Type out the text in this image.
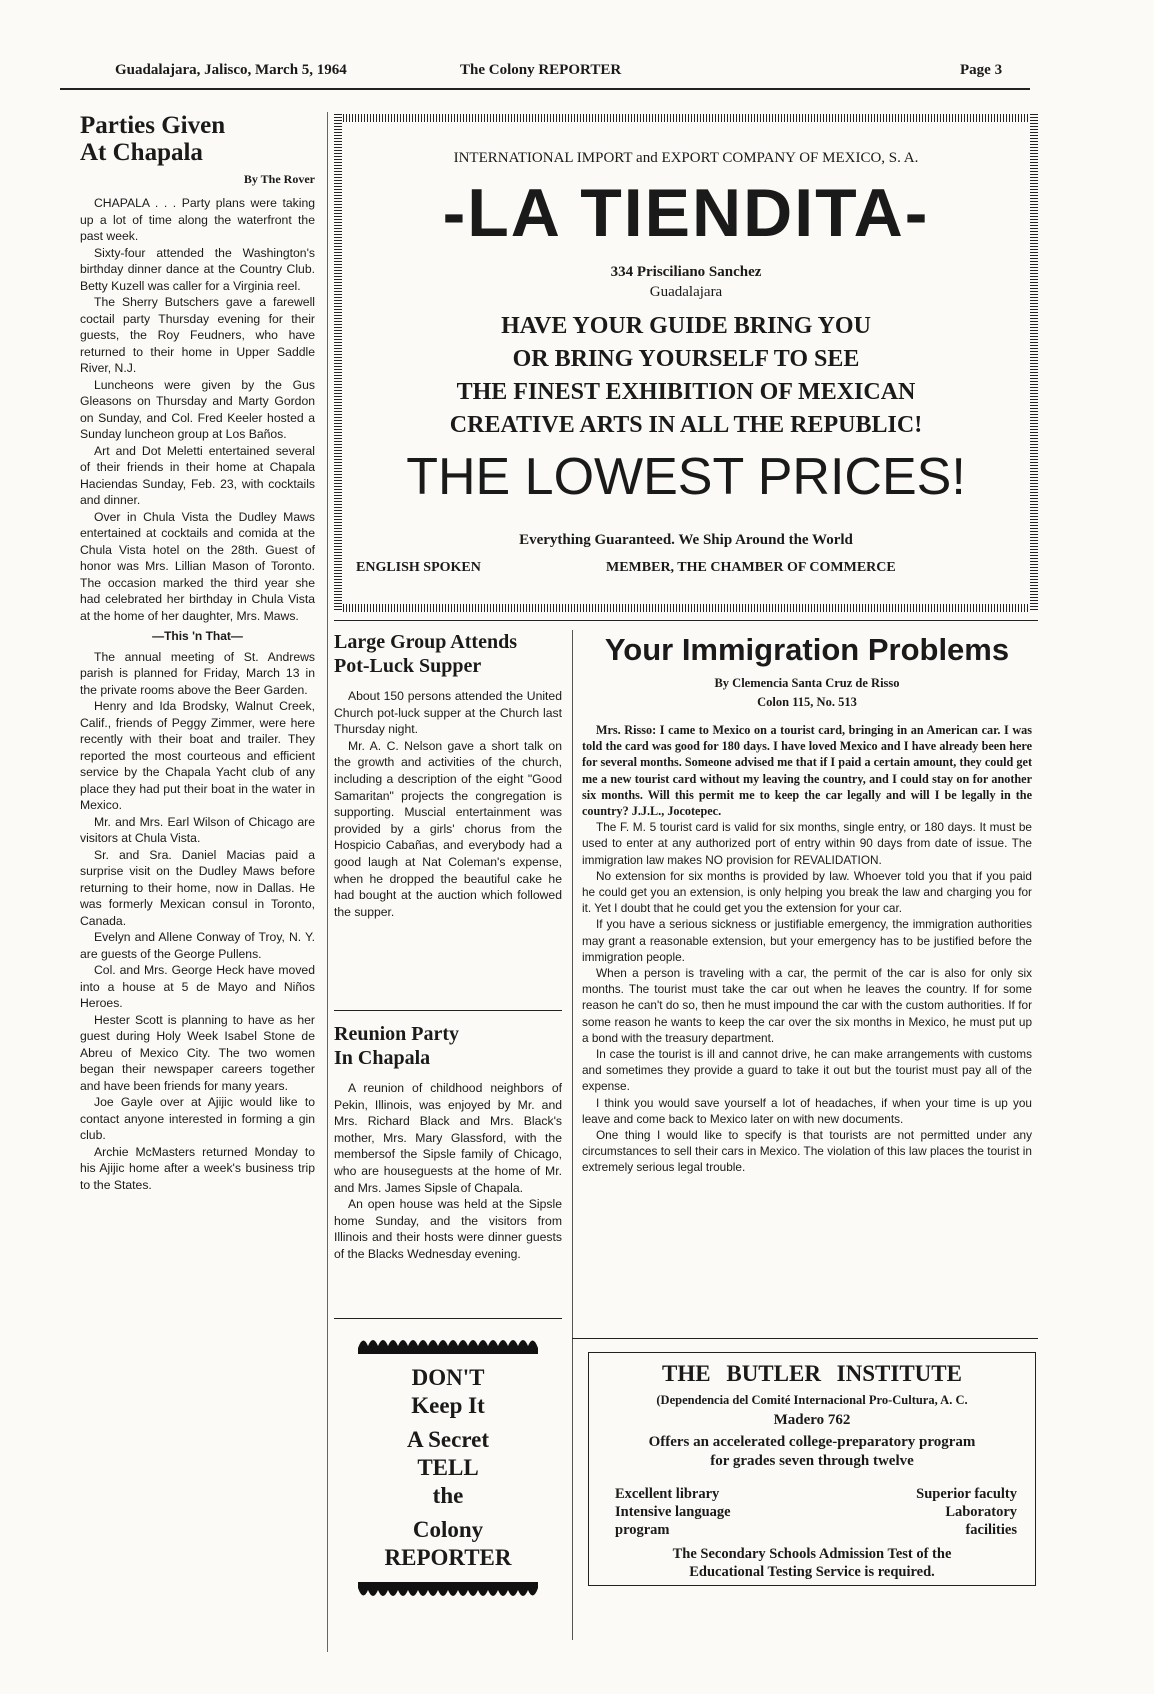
Guadalajara, Jalisco, March 5, 1964	The Colony REPORTER	Page 3
Parties Given
At Chapala
By The Rover

CHAPALA . . . Party plans were taking up a lot of time along the waterfront the past week.

Sixty-four attended the Washington's birthday dinner dance at the Country Club. Betty Kuzell was caller for a Virginia reel.

The Sherry Butschers gave a farewell coctail party Thursday evening for their guests, the Roy Feudners, who have returned to their home in Upper Saddle River, N.J.

Luncheons were given by the Gus Gleasons on Thursday and Marty Gordon on Sunday, and Col. Fred Keeler hosted a Sunday luncheon group at Los Baños.

Art and Dot Meletti entertained several of their friends in their home at Chapala Haciendas Sunday, Feb. 23, with cocktails and dinner.

Over in Chula Vista the Dudley Maws entertained at cocktails and comida at the Chula Vista hotel on the 28th. Guest of honor was Mrs. Lillian Mason of Toronto. The occasion marked the third year she had celebrated her birthday in Chula Vista at the home of her daughter, Mrs. Maws.

—This 'n That—

The annual meeting of St. Andrews parish is planned for Friday, March 13 in the private rooms above the Beer Garden.

Henry and Ida Brodsky, Walnut Creek, Calif., friends of Peggy Zimmer, were here recently with their boat and trailer. They reported the most courteous and efficient service by the Chapala Yacht club of any place they had put their boat in the water in Mexico.

Mr. and Mrs. Earl Wilson of Chicago are visitors at Chula Vista.

Sr. and Sra. Daniel Macias paid a surprise visit on the Dudley Maws before returning to their home, now in Dallas. He was formerly Mexican consul in Toronto, Canada.

Evelyn and Allene Conway of Troy, N. Y. are guests of the George Pullens.

Col. and Mrs. George Heck have moved into a house at 5 de Mayo and Niños Heroes.

Hester Scott is planning to have as her guest during Holy Week Isabel Stone de Abreu of Mexico City. The two women began their newspaper careers together and have been friends for many years.

Joe Gayle over at Ajijic would like to contact anyone interested in forming a gin club.

Archie McMasters returned Monday to his Ajijic home after a week's business trip to the States.

INTERNATIONAL IMPORT and EXPORT COMPANY OF MEXICO, S. A.
-LA TIENDITA-
334 Prisciliano Sanchez
Guadalajara
HAVE YOUR GUIDE BRING YOU
OR BRING YOURSELF TO SEE
THE FINEST EXHIBITION OF MEXICAN
CREATIVE ARTS IN ALL THE REPUBLIC!
THE LOWEST PRICES!
Everything Guaranteed. We Ship Around the World
ENGLISH SPOKEN	MEMBER, THE CHAMBER OF COMMERCE
Large Group Attends
Pot-Luck Supper

About 150 persons attended the United Church pot-luck supper at the Church last Thursday night.

Mr. A. C. Nelson gave a short talk on the growth and activities of the church, including a description of the eight "Good Samaritan" projects the congregation is supporting. Muscial entertainment was provided by a girls' chorus from the Hospicio Cabañas, and everybody had a good laugh at Nat Coleman's expense, when he dropped the beautiful cake he had bought at the auction which followed the supper.

Reunion Party
In Chapala

A reunion of childhood neighbors of Pekin, Illinois, was enjoyed by Mr. and Mrs. Richard Black and Mrs. Black's mother, Mrs. Mary Glassford, with the membersof the Sipsle family of Chicago, who are houseguests at the home of Mr. and Mrs. James Sipsle of Chapala.

An open house was held at the Sipsle home Sunday, and the visitors from Illinois and their hosts were dinner guests of the Blacks Wednesday evening.

DON'T
Keep It
A Secret
TELL
the
Colony
REPORTER
Your Immigration Problems
By Clemencia Santa Cruz de Risso
Colon 115, No. 513

Mrs. Risso: I came to Mexico on a tourist card, bringing in an American car. I was told the card was good for 180 days. I have loved Mexico and I have already been here for several months. Someone advised me that if I paid a certain amount, they could get me a new tourist card without my leaving the country, and I could stay on for another six months. Will this permit me to keep the car legally and will I be legally in the country? J.J.L., Jocotepec.

The F. M. 5 tourist card is valid for six months, single entry, or 180 days. It must be used to enter at any authorized port of entry within 90 days from date of issue. The immigration law makes NO provision for REVALIDATION.

No extension for six months is provided by law. Whoever told you that if you paid he could get you an extension, is only helping you break the law and charging you for it. Yet I doubt that he could get you the extension for your car.

If you have a serious sickness or justifiable emergency, the immigration authorities may grant a reasonable extension, but your emergency has to be justified before the immigration people.

When a person is traveling with a car, the permit of the car is also for only six months. The tourist must take the car out when he leaves the country. If for some reason he can't do so, then he must impound the car with the custom authorities. If for some reason he wants to keep the car over the six months in Mexico, he must put up a bond with the treasury department.

In case the tourist is ill and cannot drive, he can make arrangements with customs and sometimes they provide a guard to take it out but the tourist must pay all of the expense.

I think you would save yourself a lot of headaches, if when your time is up you leave and come back to Mexico later on with new documents.

One thing I would like to specify is that tourists are not permitted under any circumstances to sell their cars in Mexico. The violation of this law places the tourist in extremely serious legal trouble.

THE BUTLER INSTITUTE
(Dependencia del Comité Internacional Pro-Cultura, A. C.
Madero 762
Offers an accelerated college-preparatory program
for grades seven through twelve
Excellent library
Intensive language
program
Superior faculty
Laboratory
facilities
The Secondary Schools Admission Test of the
Educational Testing Service is required.
